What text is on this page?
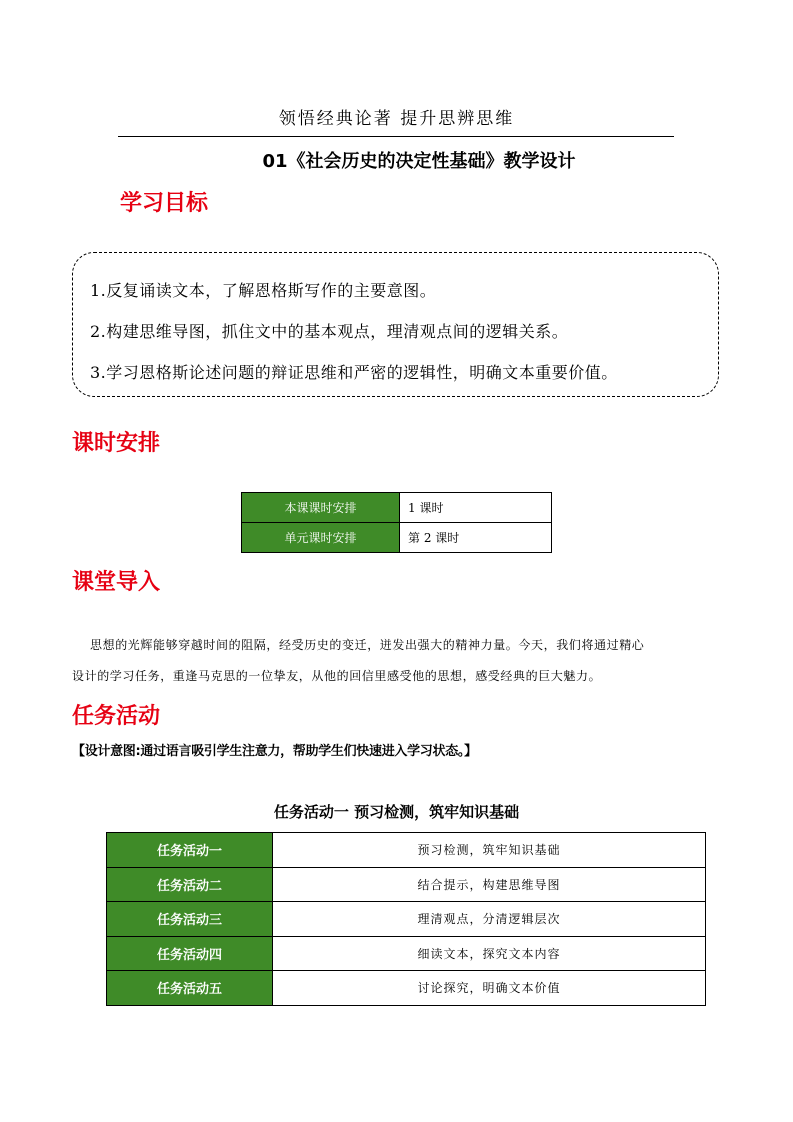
领悟经典论著 提升思辨思维
01《社会历史的决定性基础》教学设计
学习目标
1.反复诵读文本，了解恩格斯写作的主要意图。
2.构建思维导图，抓住文中的基本观点，理清观点间的逻辑关系。
3.学习恩格斯论述问题的辩证思维和严密的逻辑性，明确文本重要价值。
课时安排
本课课时安排	1 课时
单元课时安排	第 2 课时
课堂导入
思想的光辉能够穿越时间的阻隔，经受历史的变迁，迸发出强大的精神力量。今天，我们将通过精心
设计的学习任务，重逢马克思的一位挚友，从他的回信里感受他的思想，感受经典的巨大魅力。
任务活动
【设计意图:通过语言吸引学生注意力，帮助学生们快速进入学习状态。】
任务活动一 预习检测，筑牢知识基础
任务活动一	预习检测，筑牢知识基础
任务活动二	结合提示，构建思维导图
任务活动三	理清观点，分清逻辑层次
任务活动四	细读文本，探究文本内容
任务活动五	讨论探究，明确文本价值
